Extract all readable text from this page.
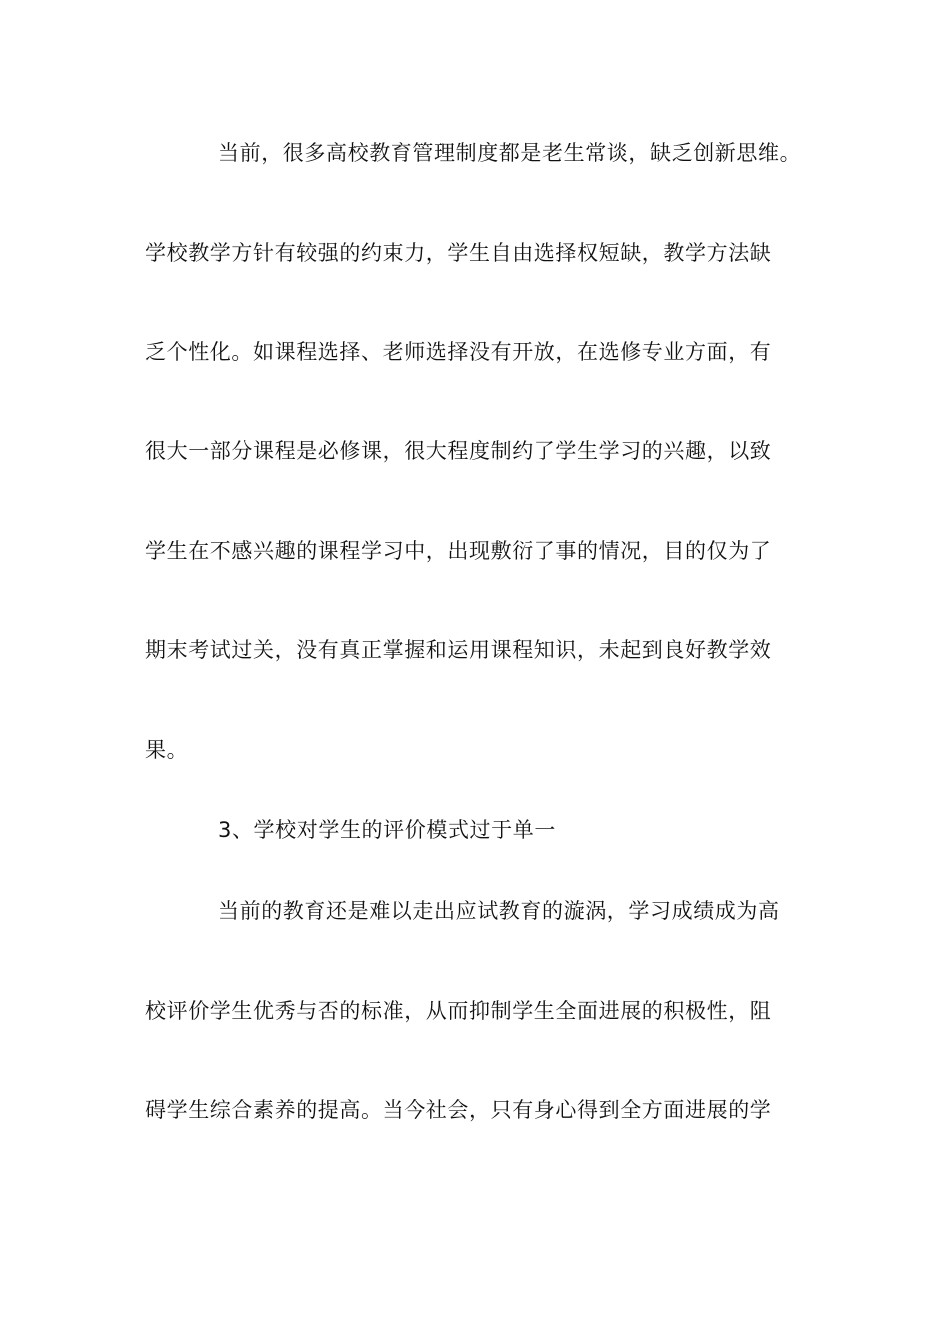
当前，很多高校教育管理制度都是老生常谈，缺乏创新思维。
学校教学方针有较强的约束力，学生自由选择权短缺，教学方法缺
乏个性化。如课程选择、老师选择没有开放，在选修专业方面，有
很大一部分课程是必修课，很大程度制约了学生学习的兴趣，以致
学生在不感兴趣的课程学习中，出现敷衍了事的情况，目的仅为了
期末考试过关，没有真正掌握和运用课程知识，未起到良好教学效
果。
3、学校对学生的评价模式过于单一
当前的教育还是难以走出应试教育的漩涡，学习成绩成为高
校评价学生优秀与否的标准，从而抑制学生全面进展的积极性，阻
碍学生综合素养的提高。当今社会，只有身心得到全方面进展的学
